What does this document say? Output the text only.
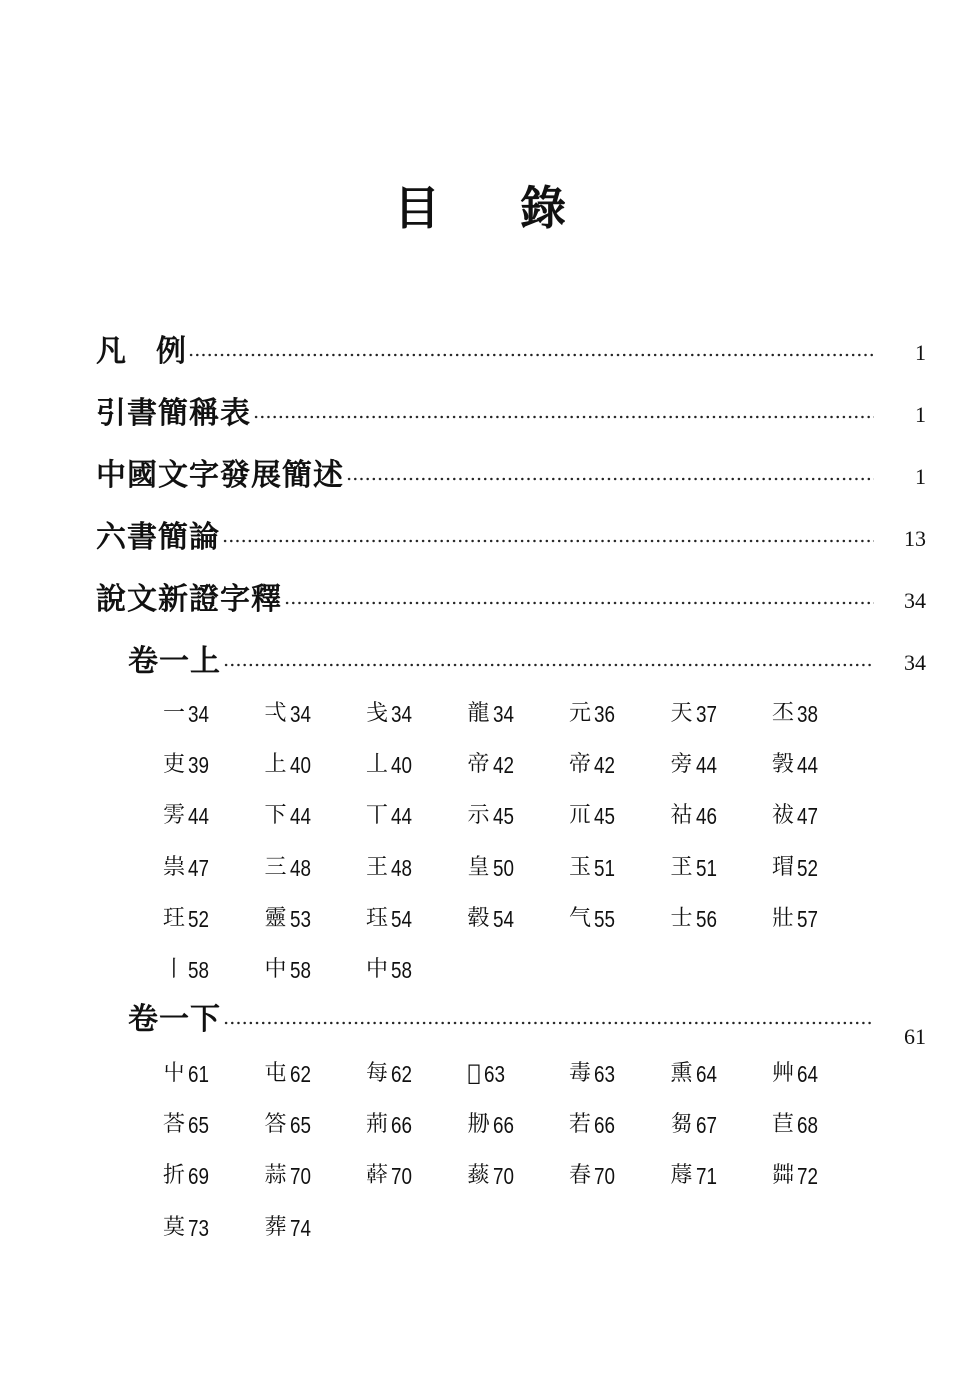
目 錄
凡例	1
引書簡稱表	1
中國文字發展簡述	1
六書簡論	13
說文新證字釋	34
卷一上	34
一 34	弌 34	戋 34	龍 34	元 36	天 37	丕 38
吏 39	上 40	丄 40	帝 42	帝 42	旁 44	㝅 44
雱 44	下 44	丅 44	示 45	𥘅 45	祜 46	祓 47
祟 47	三 48	王 48	皇 50	玉 51	玊 51	瑁 52
玨 52	靈 53	珏 54	毂 54	气 55	士 56	壯 57
丨 58	中 58	中 58
卷一下	61
屮 61	屯 62	每 62	𡴀 63	毒 63	熏 64	艸 64
荅 65	答 65	荊 66	刱 66	若 66	芻 67	苣 68
折 69	蒜 70	𦼮 70	䕭 70	春 70	蓐 71	茻 72
莫 73	葬 74
